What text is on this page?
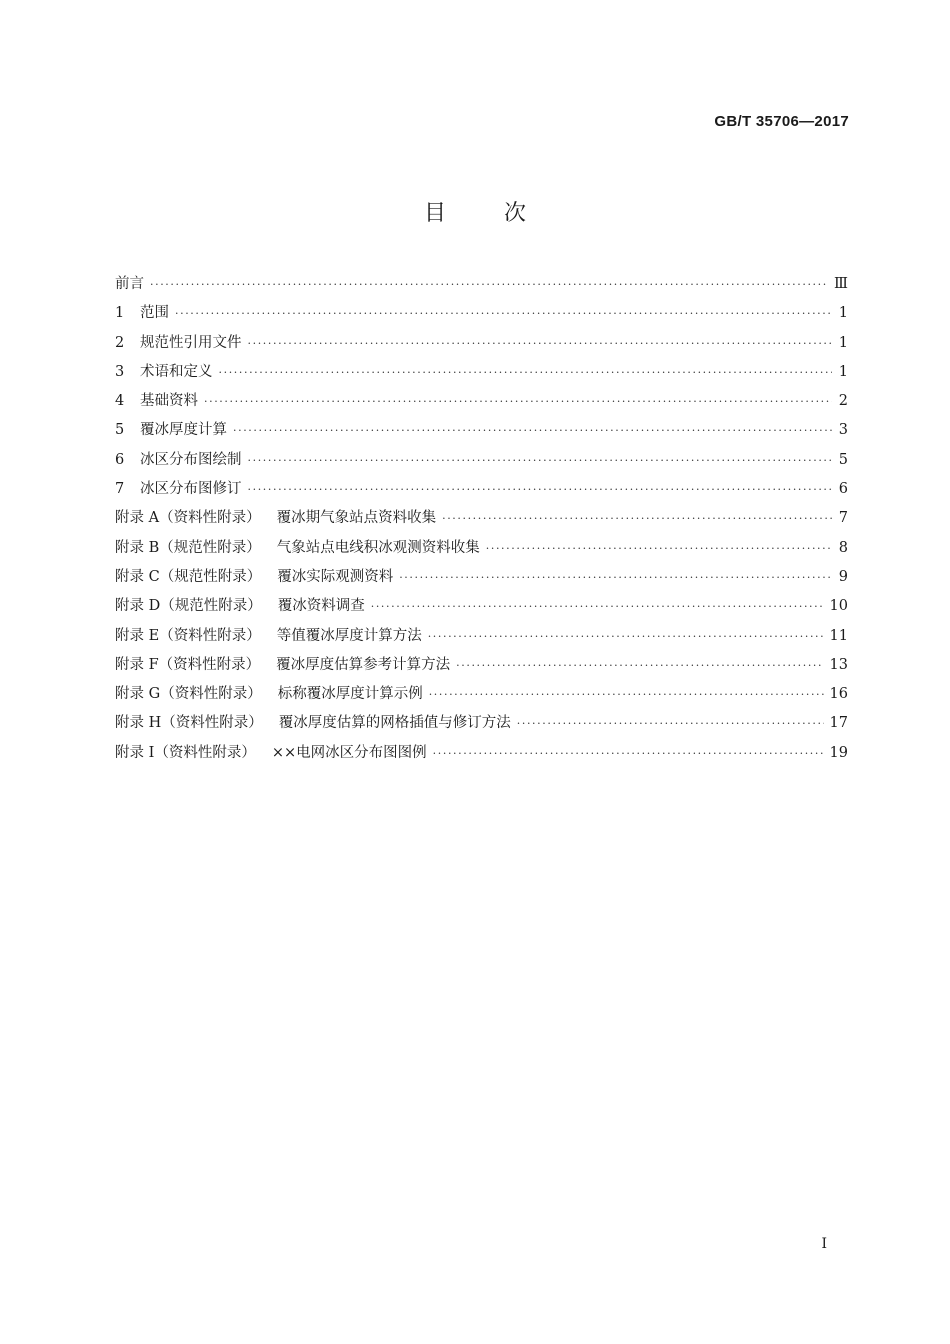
GB/T 35706—2017
目	次
前言 ·····	Ⅲ
1 范围 ·····	1
2 规范性引用文件 ·····	1
3 术语和定义 ·····	1
4 基础资料 ·····	2
5 覆冰厚度计算 ·····	3
6 冰区分布图绘制 ·····	5
7 冰区分布图修订 ·····	6
附录 A（资料性附录） 覆冰期气象站点资料收集 ·····	7
附录 B（规范性附录） 气象站点电线积冰观测资料收集 ·····	8
附录 C（规范性附录） 覆冰实际观测资料 ·····	9
附录 D（规范性附录） 覆冰资料调查 ·····	10
附录 E（资料性附录） 等值覆冰厚度计算方法 ·····	11
附录 F（资料性附录） 覆冰厚度估算参考计算方法 ·····	13
附录 G（资料性附录） 标称覆冰厚度计算示例 ·····	16
附录 H（资料性附录） 覆冰厚度估算的网格插值与修订方法 ·····	17
附录 I（资料性附录） ××电网冰区分布图图例 ·····	19
I
